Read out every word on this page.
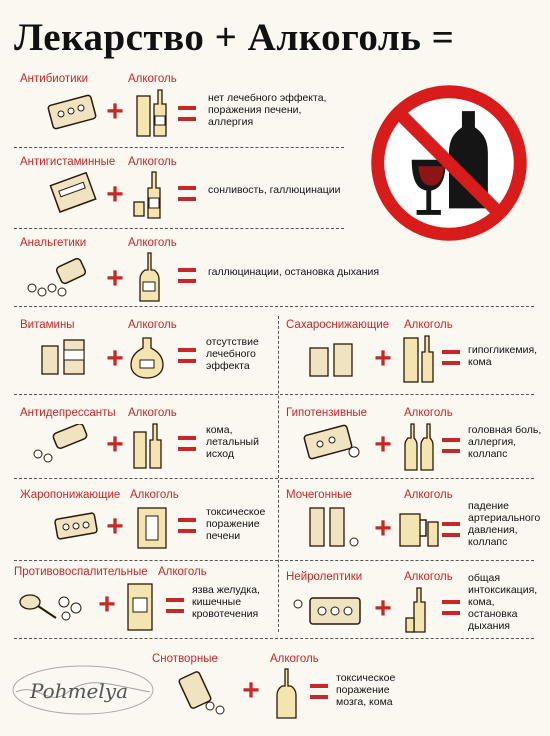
Лекарство + Алкоголь =
Антибиотики	Алкоголь
+	нет лечебного эффекта,
поражения печени,
аллергия
Антигистаминные Алкоголь
+	сонливость, галлюцинации
Анальгетики	Алкоголь
+	галлюцинации, остановка дыхания
Витамины	Алкоголь
+	отсутствие
лечебного
эффекта
Антидепрессанты Алкоголь
+	кома,
летальный
исход
Жаропонижающие Алкоголь
+	токсическое
поражение
печени
Противовоспалительные Алкоголь
+	язва желудка,
кишечные
кровотечения
Сахароснижающие Алкоголь
+	гипогликемия,
кома
Гипотензивные	Алкоголь
+	головная боль,
аллергия,
коллапс
Мочегонные	Алкоголь
+
падение
артериального
давления,
коллапс
Нейролептики	Алкоголь
+
общая
интоксикация,
кома,
остановка
дыхания
Снотворные	Алкоголь
+	токсическое
поражение
мозга, кома
Pohmelya
